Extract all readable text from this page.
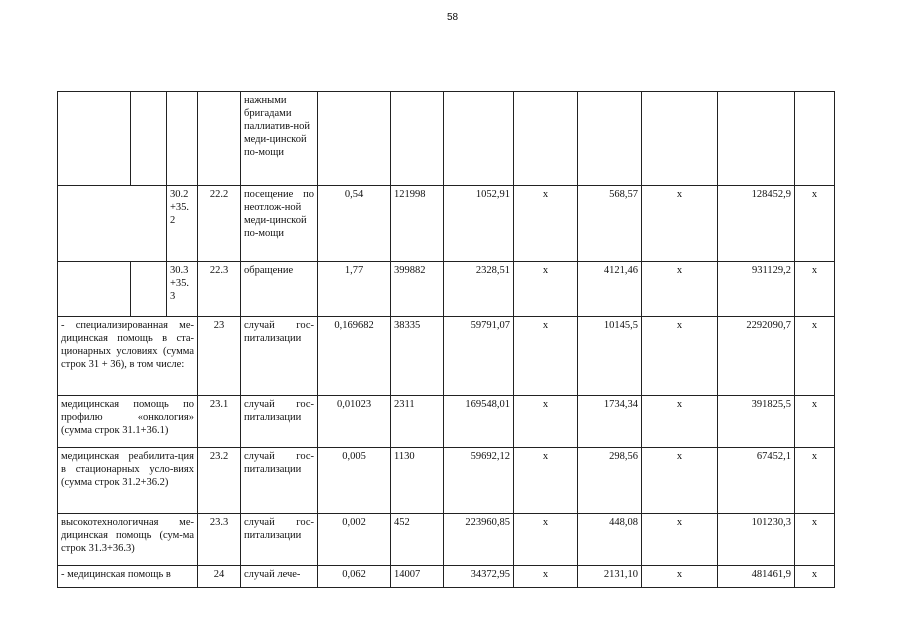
58
				нажными бригадами паллиатив-ной меди-цинской по-мощи								
		30.2 +35. 2	22.2	посещение по неотлож-ной меди-цинской по-мощи	0,54	121998	1052,91	х	568,57	х	128452,9	х
		30.3 +35. 3	22.3	обращение	1,77	399882	2328,51	х	4121,46	х	931129,2	х
- специализированная ме-дицинская помощь в ста-ционарных условиях (сумма строк 31 + 36), в том числе:			23	случай гос-питализации	0,169682	38335	59791,07	х	10145,5	х	2292090,7	х
медицинская помощь по профилю «онкология» (сумма строк 31.1+36.1)			23.1	случай гос-питализации	0,01023	2311	169548,01	х	1734,34	х	391825,5	х
медицинская реабилита-ция в стационарных усло-виях (сумма строк 31.2+36.2)			23.2	случай гос-питализации	0,005	1130	59692,12	х	298,56	х	67452,1	х
высокотехнологичная ме-дицинская помощь (сум-ма строк 31.3+36.3)			23.3	случай гос-питализации	0,002	452	223960,85	х	448,08	х	101230,3	х
- медицинская помощь в			24	случай лече-	0,062	14007	34372,95	х	2131,10	х	481461,9	х
